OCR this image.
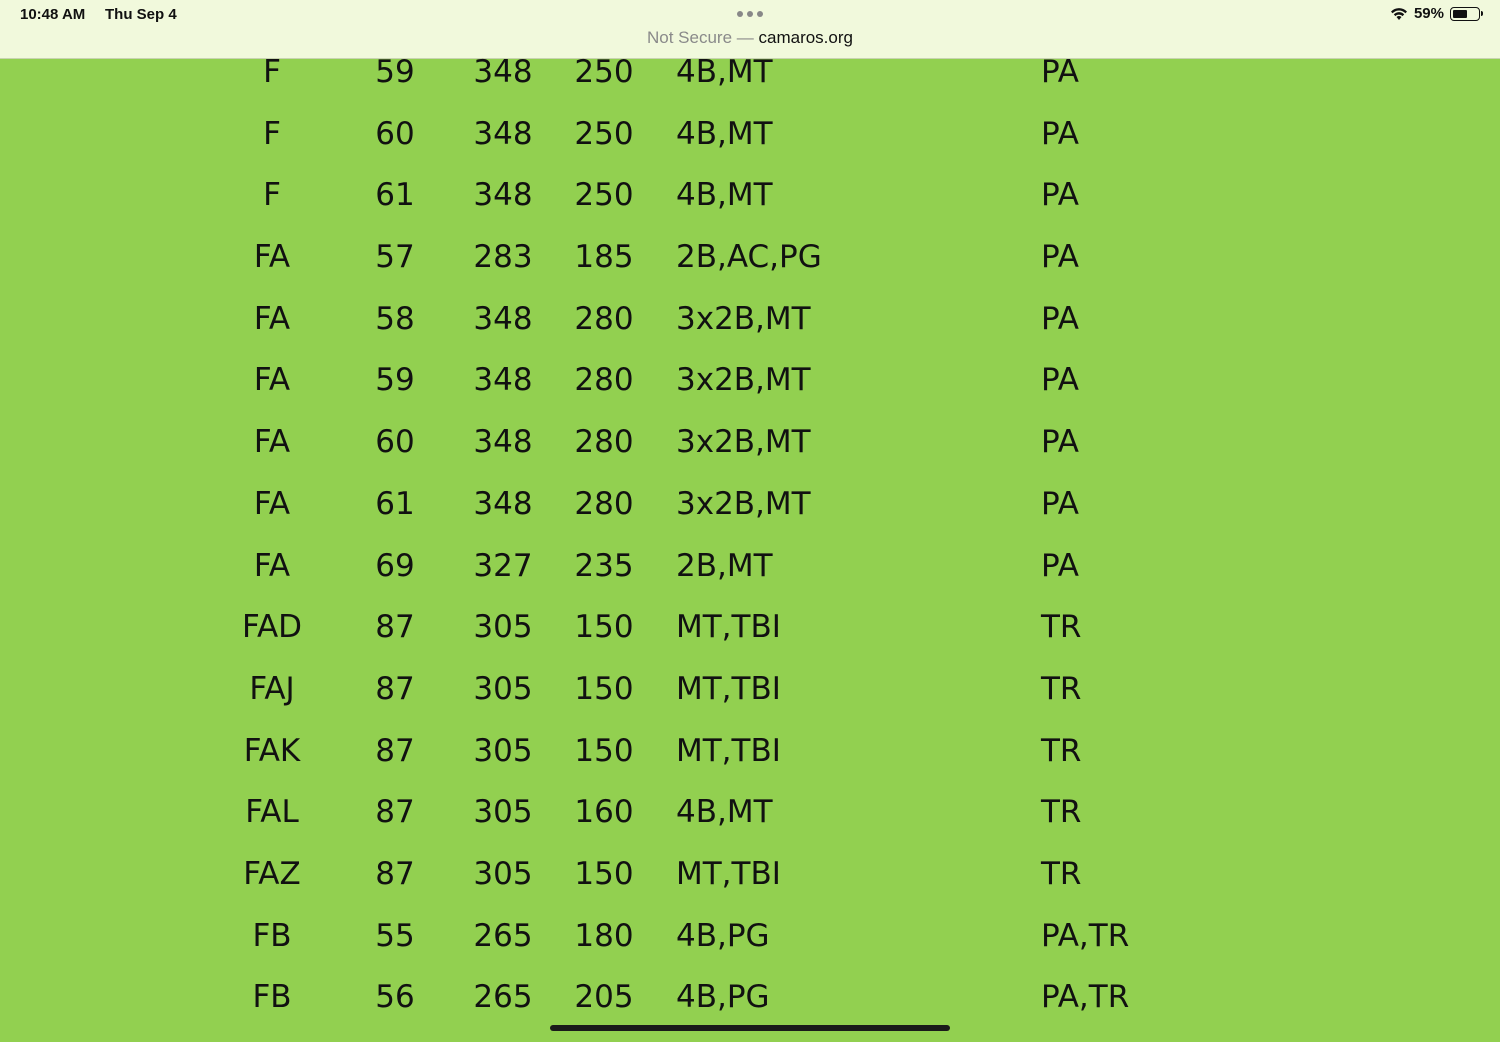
10:48 AM Thu Sep 4
Not Secure — camaros.org
59%
F	59 348 250 4B,MT	PA
F	60 348 250 4B,MT	PA
F	61 348 250 4B,MT	PA
FA	57 283 185 2B,AC,PG	PA
FA	58 348 280 3x2B,MT	PA
FA	59 348 280 3x2B,MT	PA
FA	60 348 280 3x2B,MT	PA
FA	61 348 280 3x2B,MT	PA
FA	69 327 235 2B,MT	PA
FAD	87 305 150 MT,TBI	TR
FAJ	87 305 150 MT,TBI	TR
FAK	87 305 150 MT,TBI	TR
FAL	87 305 160 4B,MT	TR
FAZ	87 305 150 MT,TBI	TR
FB	55 265 180 4B,PG	PA,TR
FB	56 265 205 4B,PG	PA,TR
